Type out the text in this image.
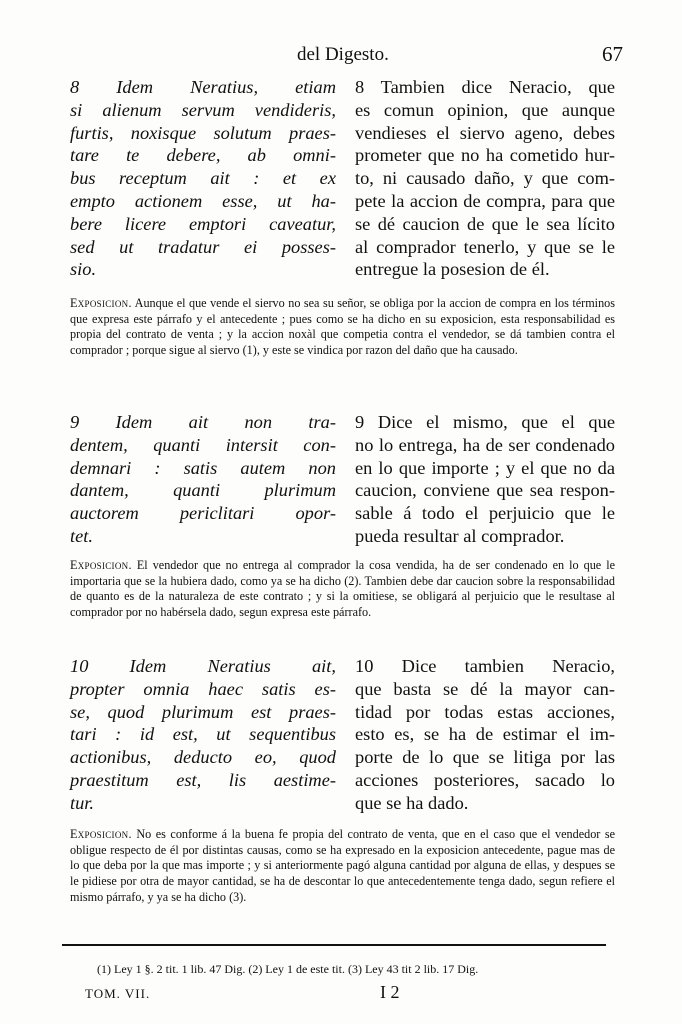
del Digesto.	67

8 Idem Neratius, etiam

si alienum servum vendideris,

furtis, noxisque solutum praes-

tare te debere, ab omni-

bus receptum ait : et ex

empto actionem esse, ut ha-

bere licere emptori caveatur,

sed ut tradatur ei posses-

sio.

8 Tambien dice Neracio, que

es comun opinion, que aunque

vendieses el siervo ageno, debes

prometer que no ha cometido hur-

to, ni causado daño, y que com-

pete la accion de compra, para que

se dé caucion de que le sea lícito

al comprador tenerlo, y que se le

entregue la posesion de él.

Exposicion. Aunque el que vende el siervo no sea su señor, se obliga por la accion de compra en los términos que expresa este párrafo y el antecedente ; pues como se ha dicho en su exposicion, esta responsabilidad es propia del contrato de venta ; y la accion noxàl que competia contra el vendedor, se dá tambien contra el comprador ; porque sigue al siervo (1), y este se vindica por razon del daño que ha causado.

9 Idem ait non tra-

dentem, quanti intersit con-

demnari : satis autem non

dantem, quanti plurimum

auctorem periclitari opor-

tet.

9 Dice el mismo, que el que

no lo entrega, ha de ser condenado

en lo que importe ; y el que no da

caucion, conviene que sea respon-

sable á todo el perjuicio que le

pueda resultar al comprador.

Exposicion. El vendedor que no entrega al comprador la cosa vendida, ha de ser condenado en lo que le importaria que se la hubiera dado, como ya se ha dicho (2). Tambien debe dar caucion sobre la responsabilidad de quanto es de la naturaleza de este contrato ; y si la omitiese, se obligará al perjuicio que le resultase al comprador por no habérsela dado, segun expresa este párrafo.

10 Idem Neratius ait,

propter omnia haec satis es-

se, quod plurimum est praes-

tari : id est, ut sequentibus

actionibus, deducto eo, quod

praestitum est, lis aestime-

tur.

10 Dice tambien Neracio,

que basta se dé la mayor can-

tidad por todas estas acciones,

esto es, se ha de estimar el im-

porte de lo que se litiga por las

acciones posteriores, sacado lo

que se ha dado.

Exposicion. No es conforme á la buena fe propia del contrato de venta, que en el caso que el vendedor se obligue respecto de él por distintas causas, como se ha expresado en la exposicion antecedente, pague mas de lo que deba por la que mas importe ; y si anteriormente pagó alguna cantidad por alguna de ellas, y despues se le pidiese por otra de mayor cantidad, se ha de descontar lo que antecedentemente tenga dado, segun refiere el mismo párrafo, y ya se ha dicho (3).
(1) Ley 1 §. 2 tit. 1 lib. 47 Dig. (2) Ley 1 de este tit. (3) Ley 43 tit 2 lib. 17 Dig.
TOM. VII.	I 2
